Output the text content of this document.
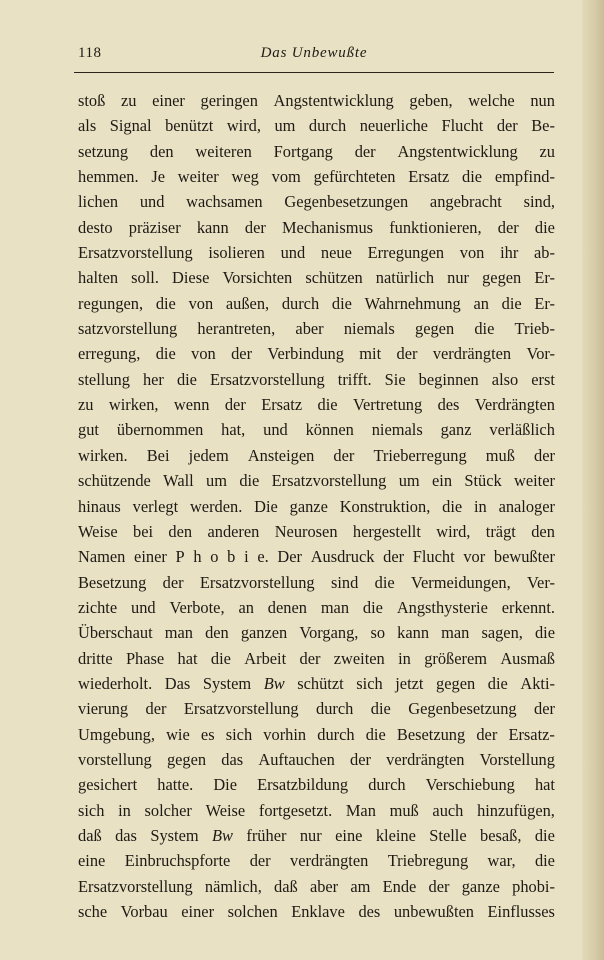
118	Das Unbewußte
stoß zu einer geringen Angstentwicklung geben, welche nun
als Signal benützt wird, um durch neuerliche Flucht der Be-
setzung den weiteren Fortgang der Angstentwicklung zu
hemmen. Je weiter weg vom gefürchteten Ersatz die empfind-
lichen und wachsamen Gegenbesetzungen angebracht sind,
desto präziser kann der Mechanismus funktionieren, der die
Ersatzvorstellung isolieren und neue Erregungen von ihr ab-
halten soll. Diese Vorsichten schützen natürlich nur gegen Er-
regungen, die von außen, durch die Wahrnehmung an die Er-
satzvorstellung herantreten, aber niemals gegen die Trieb-
erregung, die von der Verbindung mit der verdrängten Vor-
stellung her die Ersatzvorstellung trifft. Sie beginnen also erst
zu wirken, wenn der Ersatz die Vertretung des Verdrängten
gut übernommen hat, und können niemals ganz verläßlich
wirken. Bei jedem Ansteigen der Trieberregung muß der
schützende Wall um die Ersatzvorstellung um ein Stück weiter
hinaus verlegt werden. Die ganze Konstruktion, die in analoger
Weise bei den anderen Neurosen hergestellt wird, trägt den
Namen einer P h o b i e. Der Ausdruck der Flucht vor bewußter
Besetzung der Ersatzvorstellung sind die Vermeidungen, Ver-
zichte und Verbote, an denen man die Angsthysterie erkennt.
Überschaut man den ganzen Vorgang, so kann man sagen, die
dritte Phase hat die Arbeit der zweiten in größerem Ausmaß
wiederholt. Das System Bw schützt sich jetzt gegen die Akti-
vierung der Ersatzvorstellung durch die Gegenbesetzung der
Umgebung, wie es sich vorhin durch die Besetzung der Ersatz-
vorstellung gegen das Auftauchen der verdrängten Vorstellung
gesichert hatte. Die Ersatzbildung durch Verschiebung hat
sich in solcher Weise fortgesetzt. Man muß auch hinzufügen,
daß das System Bw früher nur eine kleine Stelle besaß, die
eine Einbruchspforte der verdrängten Triebregung war, die
Ersatzvorstellung nämlich, daß aber am Ende der ganze phobi-
sche Vorbau einer solchen Enklave des unbewußten Einflusses
